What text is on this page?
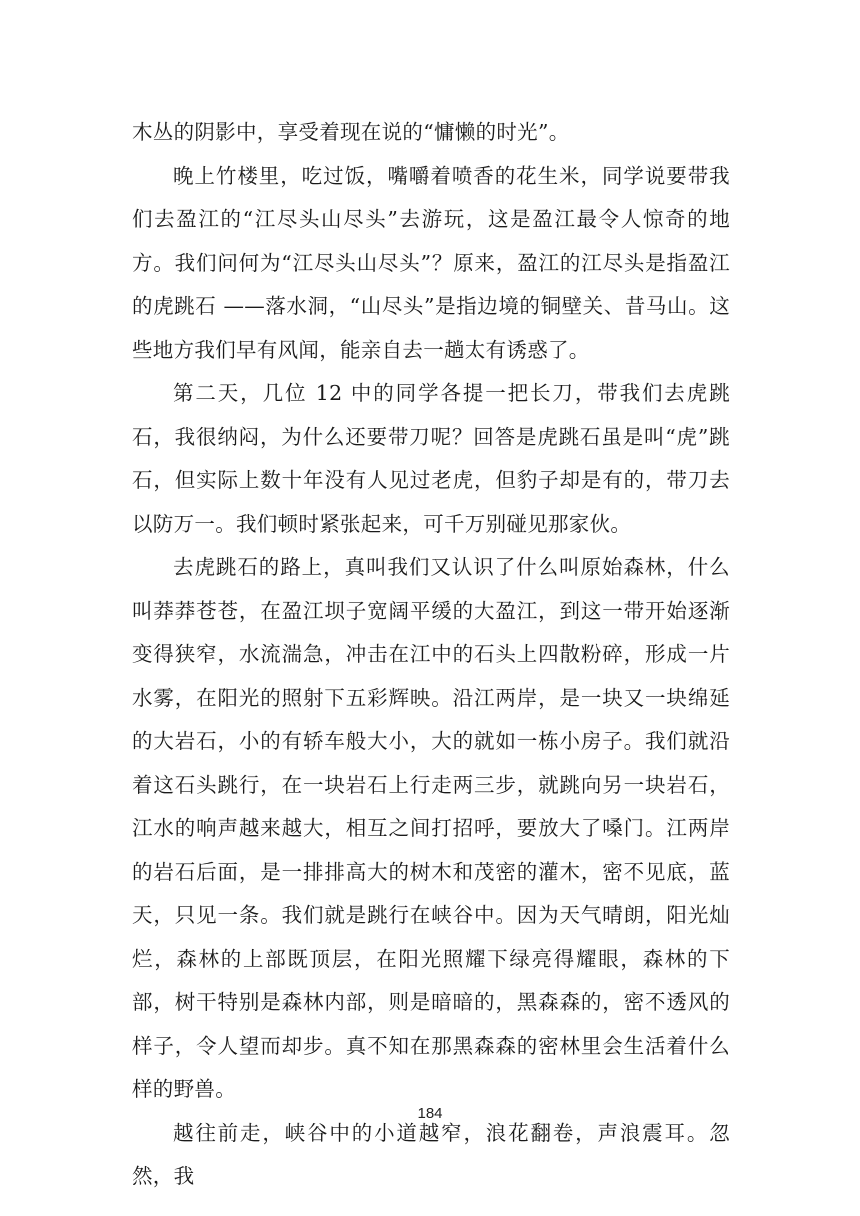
木丛的阴影中，享受着现在说的“慵懒的时光”。

晚上竹楼里，吃过饭，嘴嚼着喷香的花生米，同学说要带我们去盈江的“江尽头山尽头”去游玩，这是盈江最令人惊奇的地方。我们问何为“江尽头山尽头”？原来，盈江的江尽头是指盈江的虎跳石 ——落水洞，“山尽头”是指边境的铜壁关、昔马山。这些地方我们早有风闻，能亲自去一趟太有诱惑了。

第二天，几位 12 中的同学各提一把长刀，带我们去虎跳石，我很纳闷，为什么还要带刀呢？回答是虎跳石虽是叫“虎”跳石，但实际上数十年没有人见过老虎，但豹子却是有的，带刀去以防万一。我们顿时紧张起来，可千万别碰见那家伙。

去虎跳石的路上，真叫我们又认识了什么叫原始森林，什么叫莽莽苍苍，在盈江坝子宽阔平缓的大盈江，到这一带开始逐渐变得狭窄，水流湍急，冲击在江中的石头上四散粉碎，形成一片水雾，在阳光的照射下五彩辉映。沿江两岸，是一块又一块绵延的大岩石，小的有轿车般大小，大的就如一栋小房子。我们就沿着这石头跳行，在一块岩石上行走两三步，就跳向另一块岩石，江水的响声越来越大，相互之间打招呼，要放大了嗓门。江两岸的岩石后面，是一排排高大的树木和茂密的灌木，密不见底，蓝天，只见一条。我们就是跳行在峡谷中。因为天气晴朗，阳光灿烂，森林的上部既顶层，在阳光照耀下绿亮得耀眼，森林的下部，树干特别是森林内部，则是暗暗的，黑森森的，密不透风的样子，令人望而却步。真不知在那黑森森的密林里会生活着什么样的野兽。

越往前走，峡谷中的小道越窄，浪花翻卷，声浪震耳。忽然，我

184
